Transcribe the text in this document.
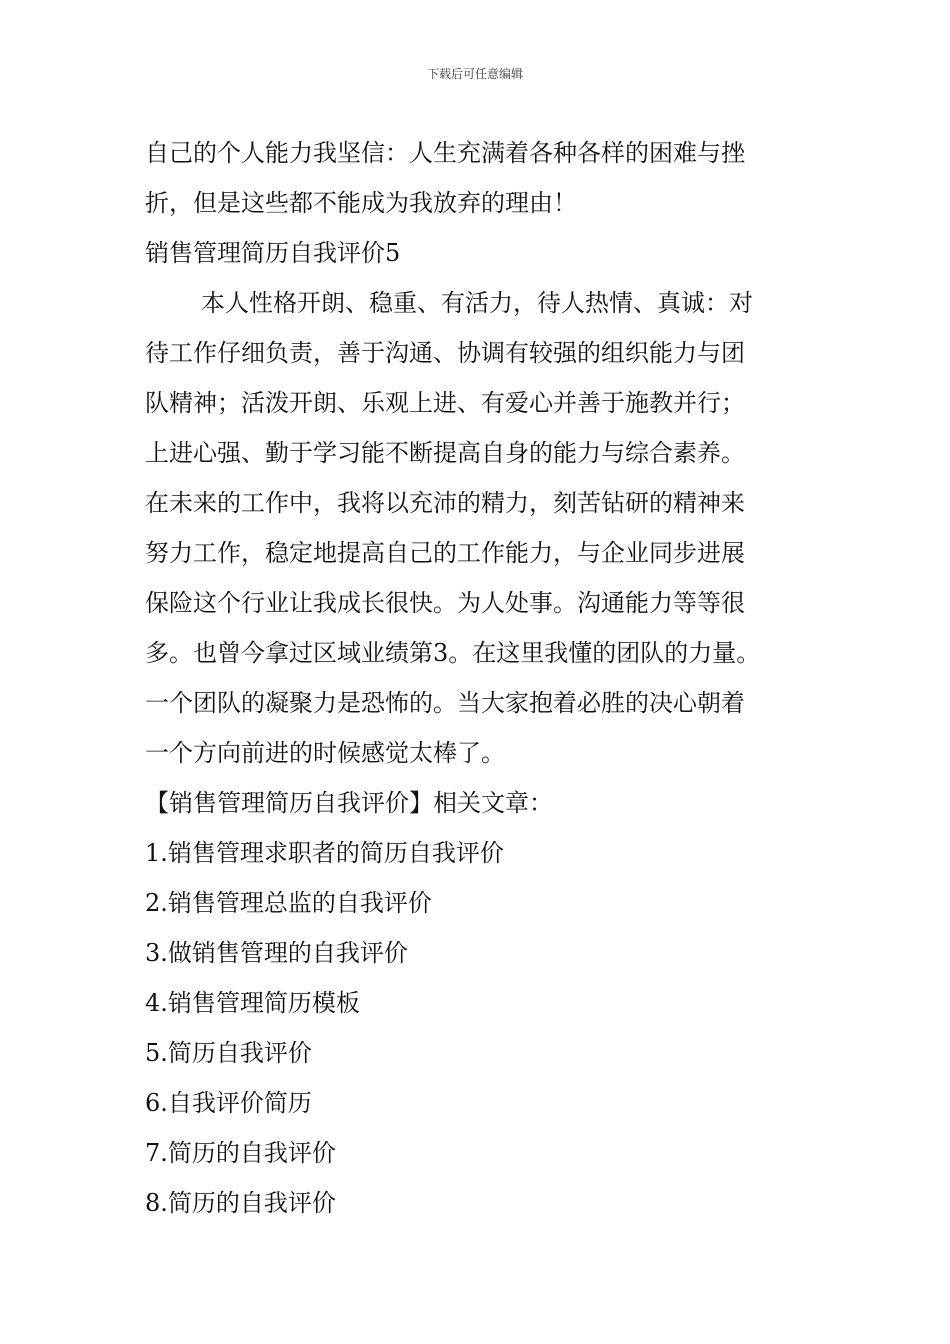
下载后可任意编辑
自己的个人能力我坚信：人生充满着各种各样的困难与挫
折，但是这些都不能成为我放弃的理由！
销售管理简历自我评价5
本人性格开朗、稳重、有活力，待人热情、真诚：对
待工作仔细负责，善于沟通、协调有较强的组织能力与团
队精神；活泼开朗、乐观上进、有爱心并善于施教并行；
上进心强、勤于学习能不断提高自身的能力与综合素养。
在未来的工作中，我将以充沛的精力，刻苦钻研的精神来
努力工作，稳定地提高自己的工作能力，与企业同步进展
保险这个行业让我成长很快。为人处事。沟通能力等等很
多。也曾今拿过区域业绩第3。在这里我懂的团队的力量。
一个团队的凝聚力是恐怖的。当大家抱着必胜的决心朝着
一个方向前进的时候感觉太棒了。
【销售管理简历自我评价】相关文章：
1.销售管理求职者的简历自我评价
2.销售管理总监的自我评价
3.做销售管理的自我评价
4.销售管理简历模板
5.简历自我评价
6.自我评价简历
7.简历的自我评价
8.简历的自我评价
